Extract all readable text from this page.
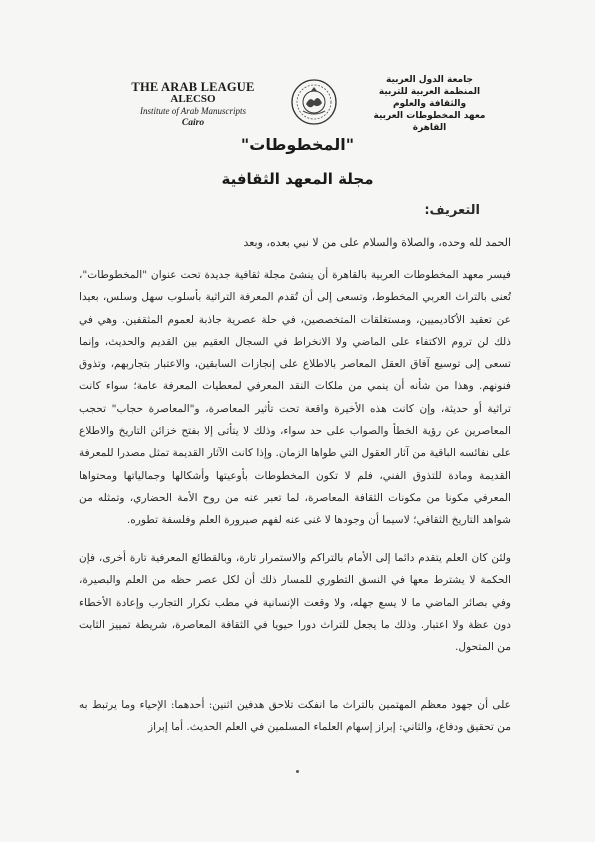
THE ARAB LEAGUE
ALECSO
Institute of Arab Manuscripts
Cairo
جامعة الدول العربية
المنظمة العربية للتربية والثقافة والعلوم
معهد المخطوطات العربية
القاهرة
"المخطوطات"
مجلة المعهد الثقافية
التعريف:
الحمد لله وحده، والصلاة والسلام على من لا نبي بعده، وبعد

فيسر معهد المخطوطات العربية بالقاهرة أن ينشئ مجلة ثقافية جديدة تحت عنوان "المخطوطات"، تُعنى بالتراث العربي المخطوط، وتسعى إلى أن تُقدم المعرفة التراثية بأسلوب سهل وسلس، بعيدا عن تعقيد الأكاديميين، ومستغلقات المتخصصين، في حلة عصرية جاذبة لعموم المثقفين. وهي في ذلك لن تروم الاكتفاء على الماضي ولا الانخراط في السجال العقيم بين القديم والحديث، وإنما تسعى إلى توسيع آفاق العقل المعاصر بالاطلاع على إنجازات السابقين، والاعتبار بتجاربهم، وتذوق فنونهم. وهذا من شأنه أن ينمي من ملكات النقد المعرفي لمعطيات المعرفة عامة؛ سواء كانت تراثية أو حديثة، وإن كانت هذه الأخيرة واقعة تحت تأثير المعاصرة، و"المعاصرة حجاب" تحجب المعاصرين عن رؤية الخطأ والصواب على حد سواء، وذلك لا يتأتى إلا بفتح خزائن التاريخ والاطلاع على نفائسه الباقية من آثار العقول التي طواها الزمان. وإذا كانت الآثار القديمة تمثل مصدرا للمعرفة القديمة ومادة للتذوق الفني، فلم لا تكون المخطوطات بأوعيتها وأشكالها وجمالياتها ومحتواها المعرفي مكونا من مكونات الثقافة المعاصرة، لما تعبر عنه من روح الأمة الحضاري، وتمثله من شواهد التاريخ الثقافي؛ لاسيما أن وجودها لا غنى عنه لفهم صيرورة العلم وفلسفة تطوره.

ولئن كان العلم يتقدم دائما إلى الأمام بالتراكم والاستمرار تارة، وبالقطائع المعرفية تارة أخرى، فإن الحكمة لا يشترط معها في النسق التطوري للمسار ذلك أن لكل عصر حظه من العلم والبصيرة، وفي بصائر الماضي ما لا يسع جهله، ولا وقعت الإنسانية في مطب تكرار التجارب وإعادة الأخطاء دون عظة ولا اعتبار. وذلك ما يجعل للتراث دورا حيويا في الثقافة المعاصرة، شريطة تمييز الثابت من المتحول.

على أن جهود معظم المهتمين بالتراث ما انفكت تلاحق هدفين اثنين: أحدهما: الإحياء وما يرتبط به من تحقيق ودفاع، والثاني: إبراز إسهام العلماء المسلمين في العلم الحديث. أما إبراز
